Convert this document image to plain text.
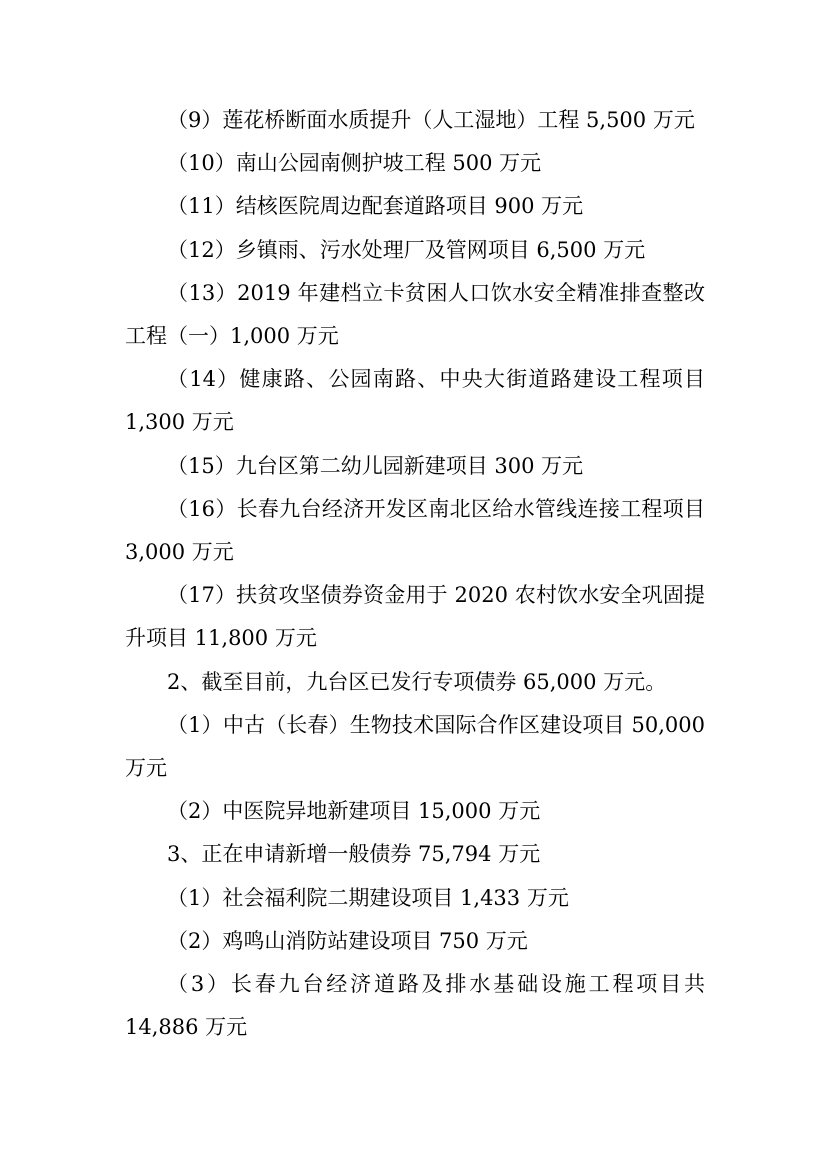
（9）莲花桥断面水质提升（人工湿地）工程 5,500 万元

（10）南山公园南侧护坡工程 500 万元

（11）结核医院周边配套道路项目 900 万元

（12）乡镇雨、污水处理厂及管网项目 6,500 万元

（13）2019 年建档立卡贫困人口饮水安全精准排查整改工程（一）1,000 万元

（14）健康路、公园南路、中央大街道路建设工程项目 1,300 万元

（15）九台区第二幼儿园新建项目 300 万元

（16）长春九台经济开发区南北区给水管线连接工程项目 3,000 万元

（17）扶贫攻坚债券资金用于 2020 农村饮水安全巩固提升项目 11,800 万元

2、截至目前，九台区已发行专项债券 65,000 万元。

（1）中古（长春）生物技术国际合作区建设项目 50,000 万元

（2）中医院异地新建项目 15,000 万元

3、正在申请新增一般债券 75,794 万元

（1）社会福利院二期建设项目 1,433 万元

（2）鸡鸣山消防站建设项目 750 万元

（3）长春九台经济道路及排水基础设施工程项目共 14,886 万元
